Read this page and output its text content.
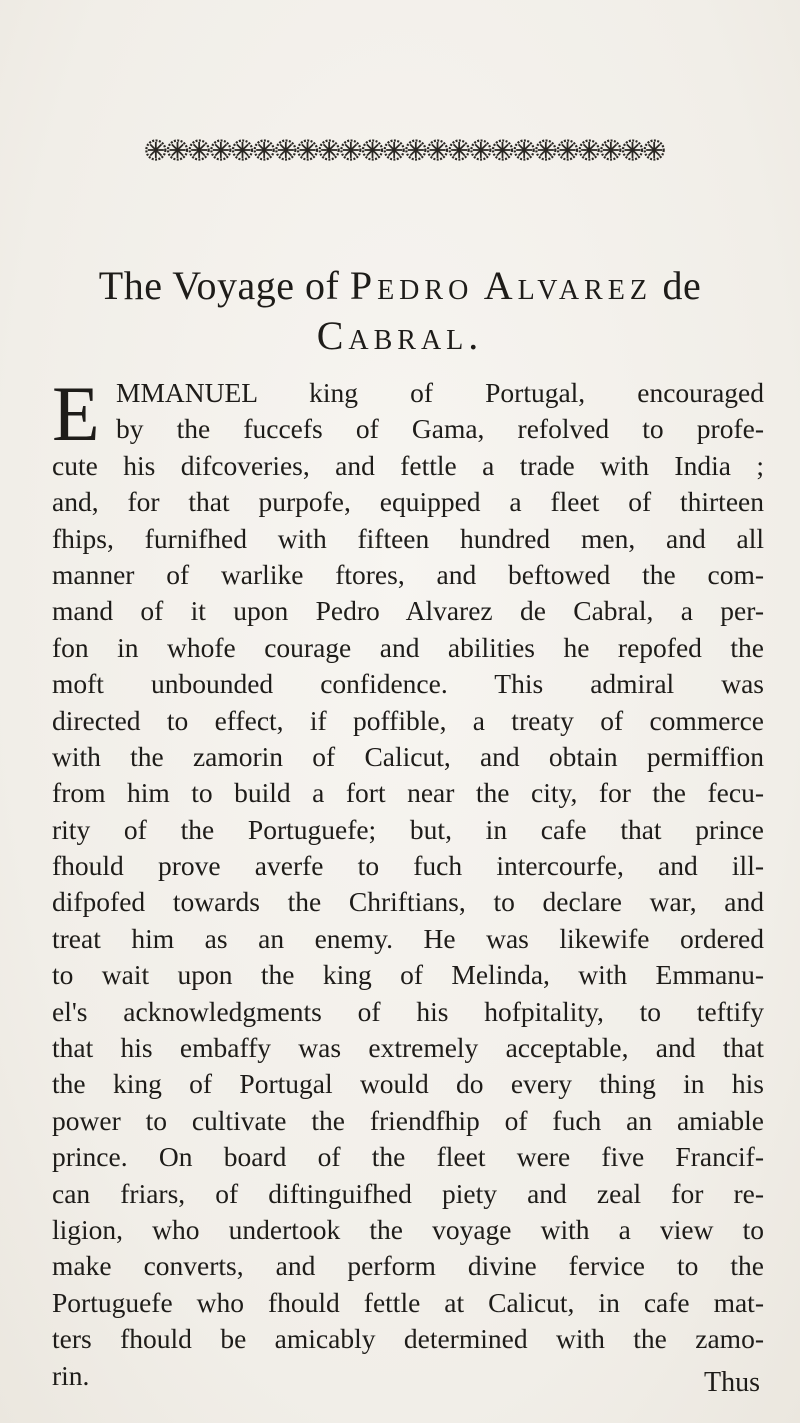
The Voyage of Pedro Alvarez de
Cabral.
E MMANUEL king of Portugal, encouraged
by the fuccefs of Gama, refolved to profe-
cute his difcoveries, and fettle a trade with India ;
and, for that purpofe, equipped a fleet of thirteen
fhips, furnifhed with fifteen hundred men, and all
manner of warlike ftores, and beftowed the com-
mand of it upon Pedro Alvarez de Cabral, a per-
fon in whofe courage and abilities he repofed the
moft unbounded confidence. This admiral was
directed to effect, if poffible, a treaty of commerce
with the zamorin of Calicut, and obtain permiffion
from him to build a fort near the city, for the fecu-
rity of the Portuguefe; but, in cafe that prince
fhould prove averfe to fuch intercourfe, and ill-
difpofed towards the Chriftians, to declare war, and
treat him as an enemy. He was likewife ordered
to wait upon the king of Melinda, with Emmanu-
el's acknowledgments of his hofpitality, to teftify
that his embaffy was extremely acceptable, and that
the king of Portugal would do every thing in his
power to cultivate the friendfhip of fuch an amiable
prince. On board of the fleet were five Francif-
can friars, of diftinguifhed piety and zeal for re-
ligion, who undertook the voyage with a view to
make converts, and perform divine fervice to the
Portuguefe who fhould fettle at Calicut, in cafe mat-
ters fhould be amicably determined with the zamo-
rin.	Thus
